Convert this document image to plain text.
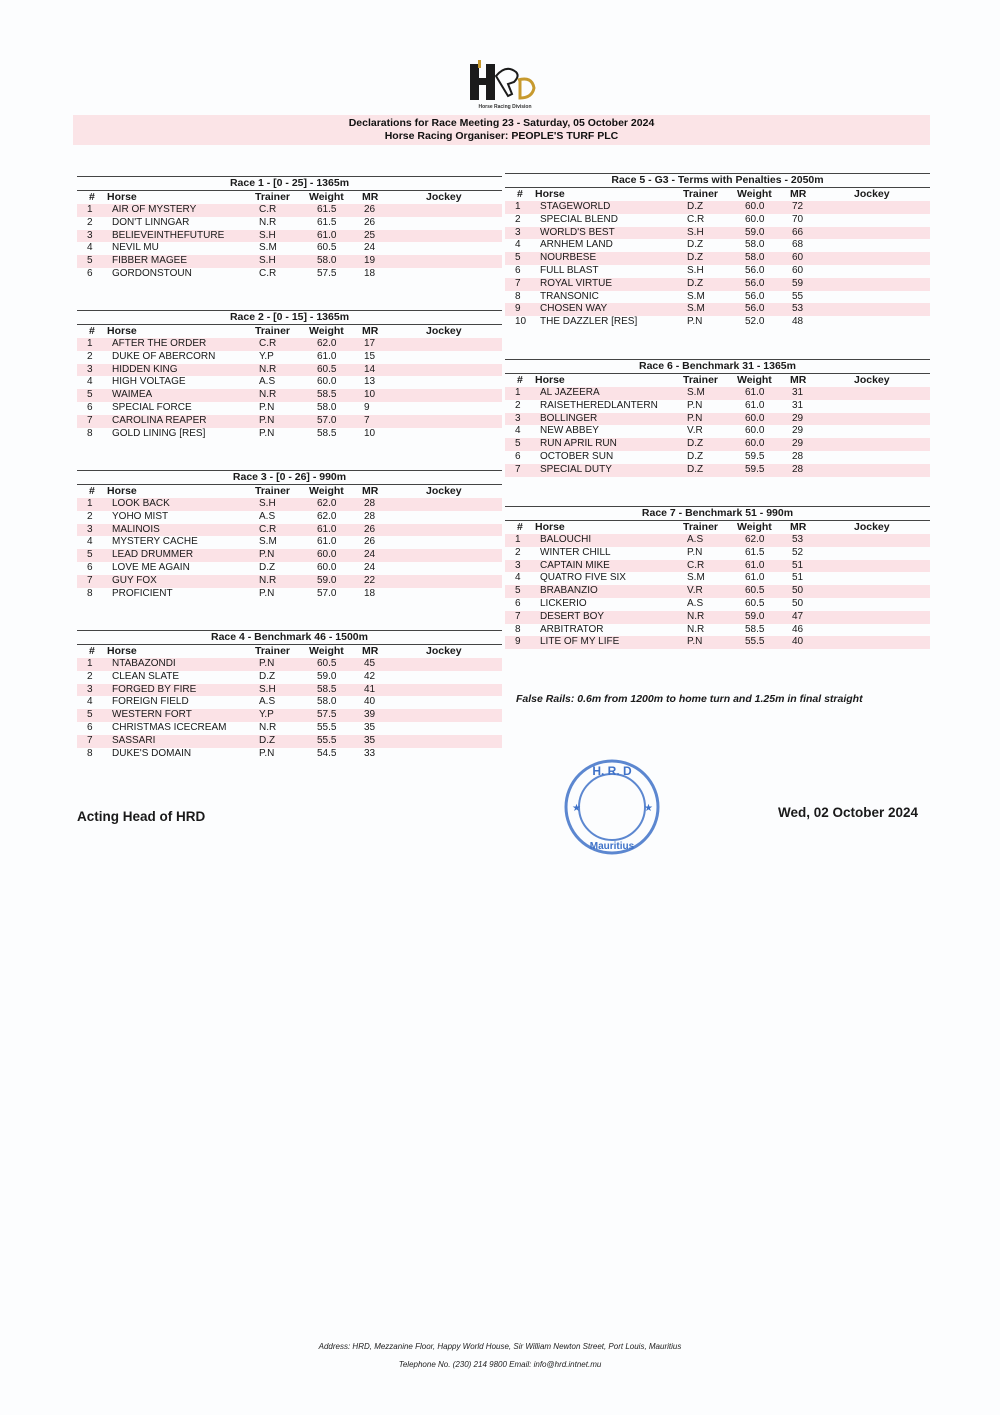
Horse Racing Division
Declarations for Race Meeting 23 - Saturday, 05 October 2024
Horse Racing Organiser: PEOPLE'S TURF PLC
Race 1 - [0 - 25] - 1365m
# Horse	Trainer Weight MR	Jockey
1 AIR OF MYSTERY	C.R	61.5	26
2 DON'T LINNGAR	N.R	61.5	26
3 BELIEVEINTHEFUTURE	S.H	61.0	25
4 NEVIL MU	S.M	60.5	24
5 FIBBER MAGEE	S.H	58.0	19
6 GORDONSTOUN	C.R	57.5	18
Race 2 - [0 - 15] - 1365m
# Horse	Trainer Weight MR	Jockey
1 AFTER THE ORDER	C.R	62.0	17
2 DUKE OF ABERCORN	Y.P	61.0	15
3 HIDDEN KING	N.R	60.5	14
4 HIGH VOLTAGE	A.S	60.0	13
5 WAIMEA	N.R	58.5	10
6 SPECIAL FORCE	P.N	58.0	9
7 CAROLINA REAPER	P.N	57.0	7
8 GOLD LINING [RES]	P.N	58.5	10
Race 3 - [0 - 26] - 990m
# Horse	Trainer Weight MR	Jockey
1 LOOK BACK	S.H	62.0	28
2 YOHO MIST	A.S	62.0	28
3 MALINOIS	C.R	61.0	26
4 MYSTERY CACHE	S.M	61.0	26
5 LEAD DRUMMER	P.N	60.0	24
6 LOVE ME AGAIN	D.Z	60.0	24
7 GUY FOX	N.R	59.0	22
8 PROFICIENT	P.N	57.0	18
Race 4 - Benchmark 46 - 1500m
# Horse	Trainer Weight MR	Jockey
1 NTABAZONDI	P.N	60.5	45
2 CLEAN SLATE	D.Z	59.0	42
3 FORGED BY FIRE	S.H	58.5	41
4 FOREIGN FIELD	A.S	58.0	40
5 WESTERN FORT	Y.P	57.5	39
6 CHRISTMAS ICECREAM	N.R	55.5	35
7 SASSARI	D.Z	55.5	35
8 DUKE'S DOMAIN	P.N	54.5	33
Race 5 - G3 - Terms with Penalties - 2050m
# Horse	Trainer Weight MR	Jockey
1 STAGEWORLD	D.Z	60.0	72
2 SPECIAL BLEND	C.R	60.0	70
3 WORLD'S BEST	S.H	59.0	66
4 ARNHEM LAND	D.Z	58.0	68
5 NOURBESE	D.Z	58.0	60
6 FULL BLAST	S.H	56.0	60
7 ROYAL VIRTUE	D.Z	56.0	59
8 TRANSONIC	S.M	56.0	55
9 CHOSEN WAY	S.M	56.0	53
10 THE DAZZLER [RES]	P.N	52.0	48
Race 6 - Benchmark 31 - 1365m
# Horse	Trainer Weight MR	Jockey
1 AL JAZEERA	S.M	61.0	31
2 RAISETHEREDLANTERN	P.N	61.0	31
3 BOLLINGER	P.N	60.0	29
4 NEW ABBEY	V.R	60.0	29
5 RUN APRIL RUN	D.Z	60.0	29
6 OCTOBER SUN	D.Z	59.5	28
7 SPECIAL DUTY	D.Z	59.5	28
Race 7 - Benchmark 51 - 990m
# Horse	Trainer Weight MR	Jockey
1 BALOUCHI	A.S	62.0	53
2 WINTER CHILL	P.N	61.5	52
3 CAPTAIN MIKE	C.R	61.0	51
4 QUATRO FIVE SIX	S.M	61.0	51
5 BRABANZIO	V.R	60.5	50
6 LICKERIO	A.S	60.5	50
7 DESERT BOY	N.R	59.0	47
8 ARBITRATOR	N.R	58.5	46
9 LITE OF MY LIFE	P.N	55.5	40
False Rails: 0.6m from 1200m to home turn and 1.25m in final straight
Acting Head of HRD	Wed, 02 October 2024
H. R. D
Mauritius
★	★
Address: HRD, Mezzanine Floor, Happy World House, Sir William Newton Street, Port Louis, Mauritius
Telephone No. (230) 214 9800 Email: info@hrd.intnet.mu
